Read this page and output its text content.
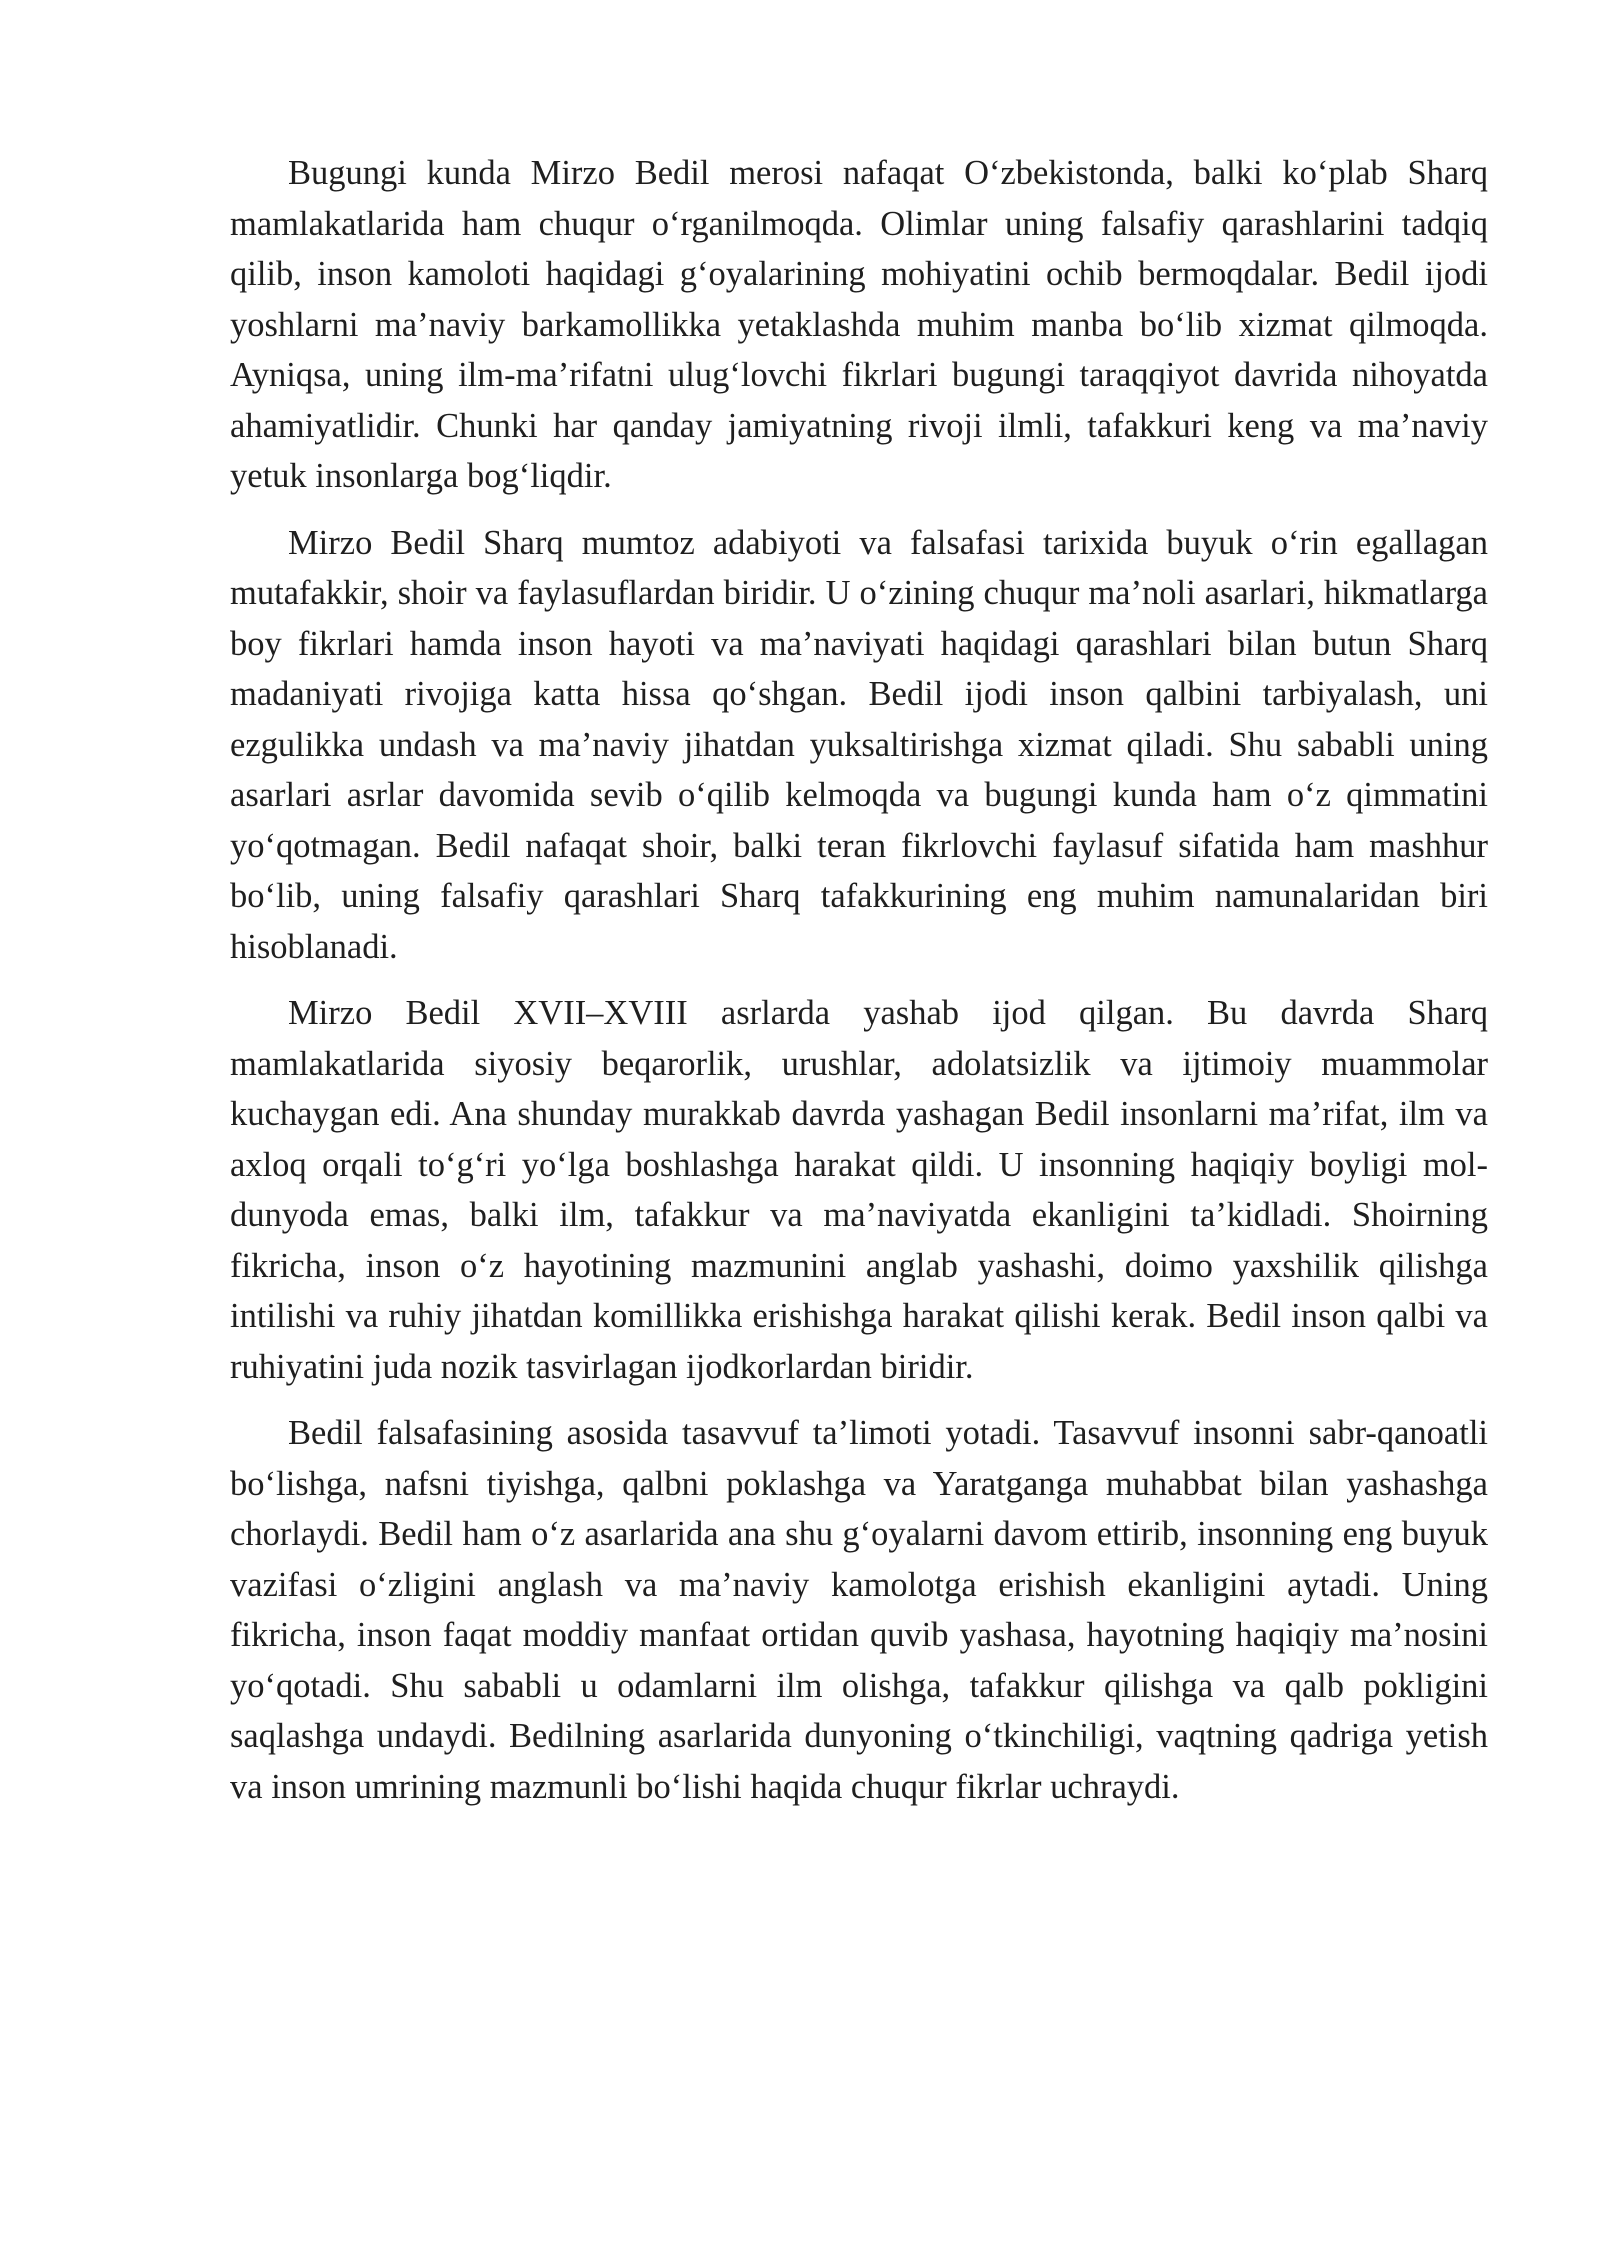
Bugungi kunda Mirzo Bedil merosi nafaqat O‘zbekistonda, balki ko‘plab Sharq mamlakatlarida ham chuqur o‘rganilmoqda. Olimlar uning falsafiy qarashlarini tadqiq qilib, inson kamoloti haqidagi g‘oyalarining mohiyatini ochib bermoqdalar. Bedil ijodi yoshlarni ma’naviy barkamollikka yetaklashda muhim manba bo‘lib xizmat qilmoqda. Ayniqsa, uning ilm-ma’rifatni ulug‘lovchi fikrlari bugungi taraqqiyot davrida nihoyatda ahamiyatlidir. Chunki har qanday jamiyatning rivoji ilmli, tafakkuri keng va ma’naviy yetuk insonlarga bog‘liqdir.

Mirzo Bedil Sharq mumtoz adabiyoti va falsafasi tarixida buyuk o‘rin egallagan mutafakkir, shoir va faylasuflardan biridir. U o‘zining chuqur ma’noli asarlari, hikmatlarga boy fikrlari hamda inson hayoti va ma’naviyati haqidagi qarashlari bilan butun Sharq madaniyati rivojiga katta hissa qo‘shgan. Bedil ijodi inson qalbini tarbiyalash, uni ezgulikka undash va ma’naviy jihatdan yuksaltirishga xizmat qiladi. Shu sababli uning asarlari asrlar davomida sevib o‘qilib kelmoqda va bugungi kunda ham o‘z qimmatini yo‘qotmagan. Bedil nafaqat shoir, balki teran fikrlovchi faylasuf sifatida ham mashhur bo‘lib, uning falsafiy qarashlari Sharq tafakkurining eng muhim namunalaridan biri hisoblanadi.

Mirzo Bedil XVII–XVIII asrlarda yashab ijod qilgan. Bu davrda Sharq mamlakatlarida siyosiy beqarorlik, urushlar, adolatsizlik va ijtimoiy muammolar kuchaygan edi. Ana shunday murakkab davrda yashagan Bedil insonlarni ma’rifat, ilm va axloq orqali to‘g‘ri yo‘lga boshlashga harakat qildi. U insonning haqiqiy boyligi mol-dunyoda emas, balki ilm, tafakkur va ma’naviyatda ekanligini ta’kidladi. Shoirning fikricha, inson o‘z hayotining mazmunini anglab yashashi, doimo yaxshilik qilishga intilishi va ruhiy jihatdan komillikka erishishga harakat qilishi kerak. Bedil inson qalbi va ruhiyatini juda nozik tasvirlagan ijodkorlardan biridir.

Bedil falsafasining asosida tasavvuf ta’limoti yotadi. Tasavvuf insonni sabr-qanoatli bo‘lishga, nafsni tiyishga, qalbni poklashga va Yaratganga muhabbat bilan yashashga chorlaydi. Bedil ham o‘z asarlarida ana shu g‘oyalarni davom ettirib, insonning eng buyuk vazifasi o‘zligini anglash va ma’naviy kamolotga erishish ekanligini aytadi. Uning fikricha, inson faqat moddiy manfaat ortidan quvib yashasa, hayotning haqiqiy ma’nosini yo‘qotadi. Shu sababli u odamlarni ilm olishga, tafakkur qilishga va qalb pokligini saqlashga undaydi. Bedilning asarlarida dunyoning o‘tkinchiligi, vaqtning qadriga yetish va inson umrining mazmunli bo‘lishi haqida chuqur fikrlar uchraydi.
